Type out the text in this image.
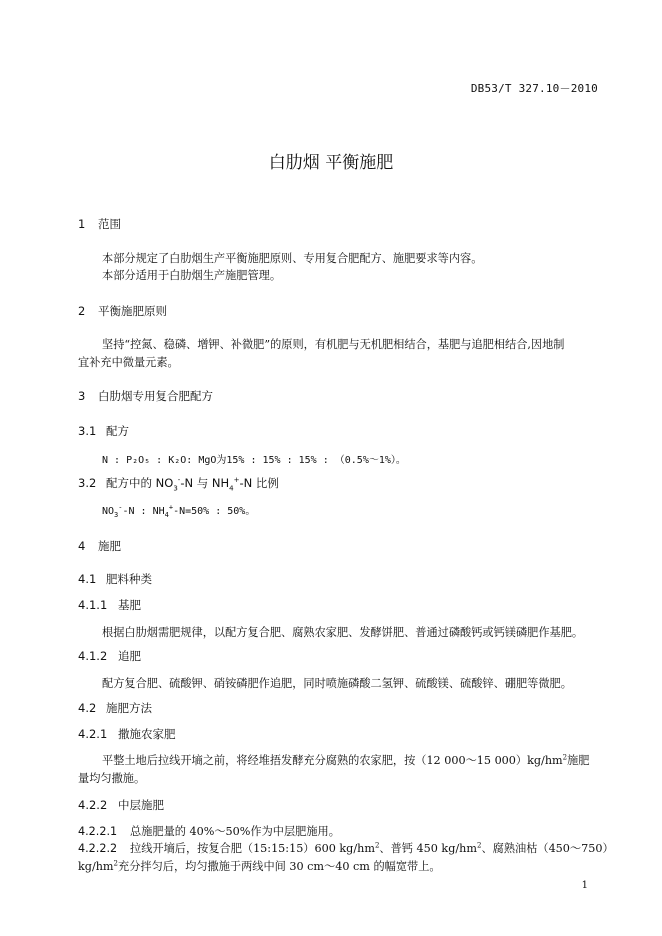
DB53/T 327.10－2010
白肋烟 平衡施肥
1 范围
本部分规定了白肋烟生产平衡施肥原则、专用复合肥配方、施肥要求等内容。
本部分适用于白肋烟生产施肥管理。
2 平衡施肥原则
坚持“控氮、稳磷、增钾、补微肥”的原则，有机肥与无机肥相结合，基肥与追肥相结合,因地制
宜补充中微量元素。
3 白肋烟专用复合肥配方
3.1 配方
N : P₂O₅ : K₂O: MgO为15% : 15% : 15% : （0.5%～1%）。
3.2 配方中的 $NO_3^--N$ 与 $NH_4^+-N$ 比例
$NO_3^--N$ : $NH_4^+-N=50\%$ : 50%。
4 施肥
4.1 肥料种类
4.1.1 基肥
根据白肋烟需肥规律，以配方复合肥、腐熟农家肥、发酵饼肥、普通过磷酸钙或钙镁磷肥作基肥。
4.1.2 追肥
配方复合肥、硫酸钾、硝铵磷肥作追肥，同时喷施磷酸二氢钾、硫酸镁、硫酸锌、硼肥等微肥。
4.2 施肥方法
4.2.1 撒施农家肥
平整土地后拉线开墒之前，将经堆捂发酵充分腐熟的农家肥，按（12 000～15 $000)kg/hm^2$施肥
量均匀撒施。
4.2.2 中层施肥
4.2.2.1 总施肥量的 40%～50%作为中层肥施用。
4.2.2.2 拉线开墒后，按复合肥（15:15:15）600 $kg/hm^2$、普钙 450 $kg/hm^2$、腐熟油枯（450～750）
$kg/hm^2$充分拌匀后，均匀撒施于两线中间 30 cm～40 cm 的幅宽带上。
1
